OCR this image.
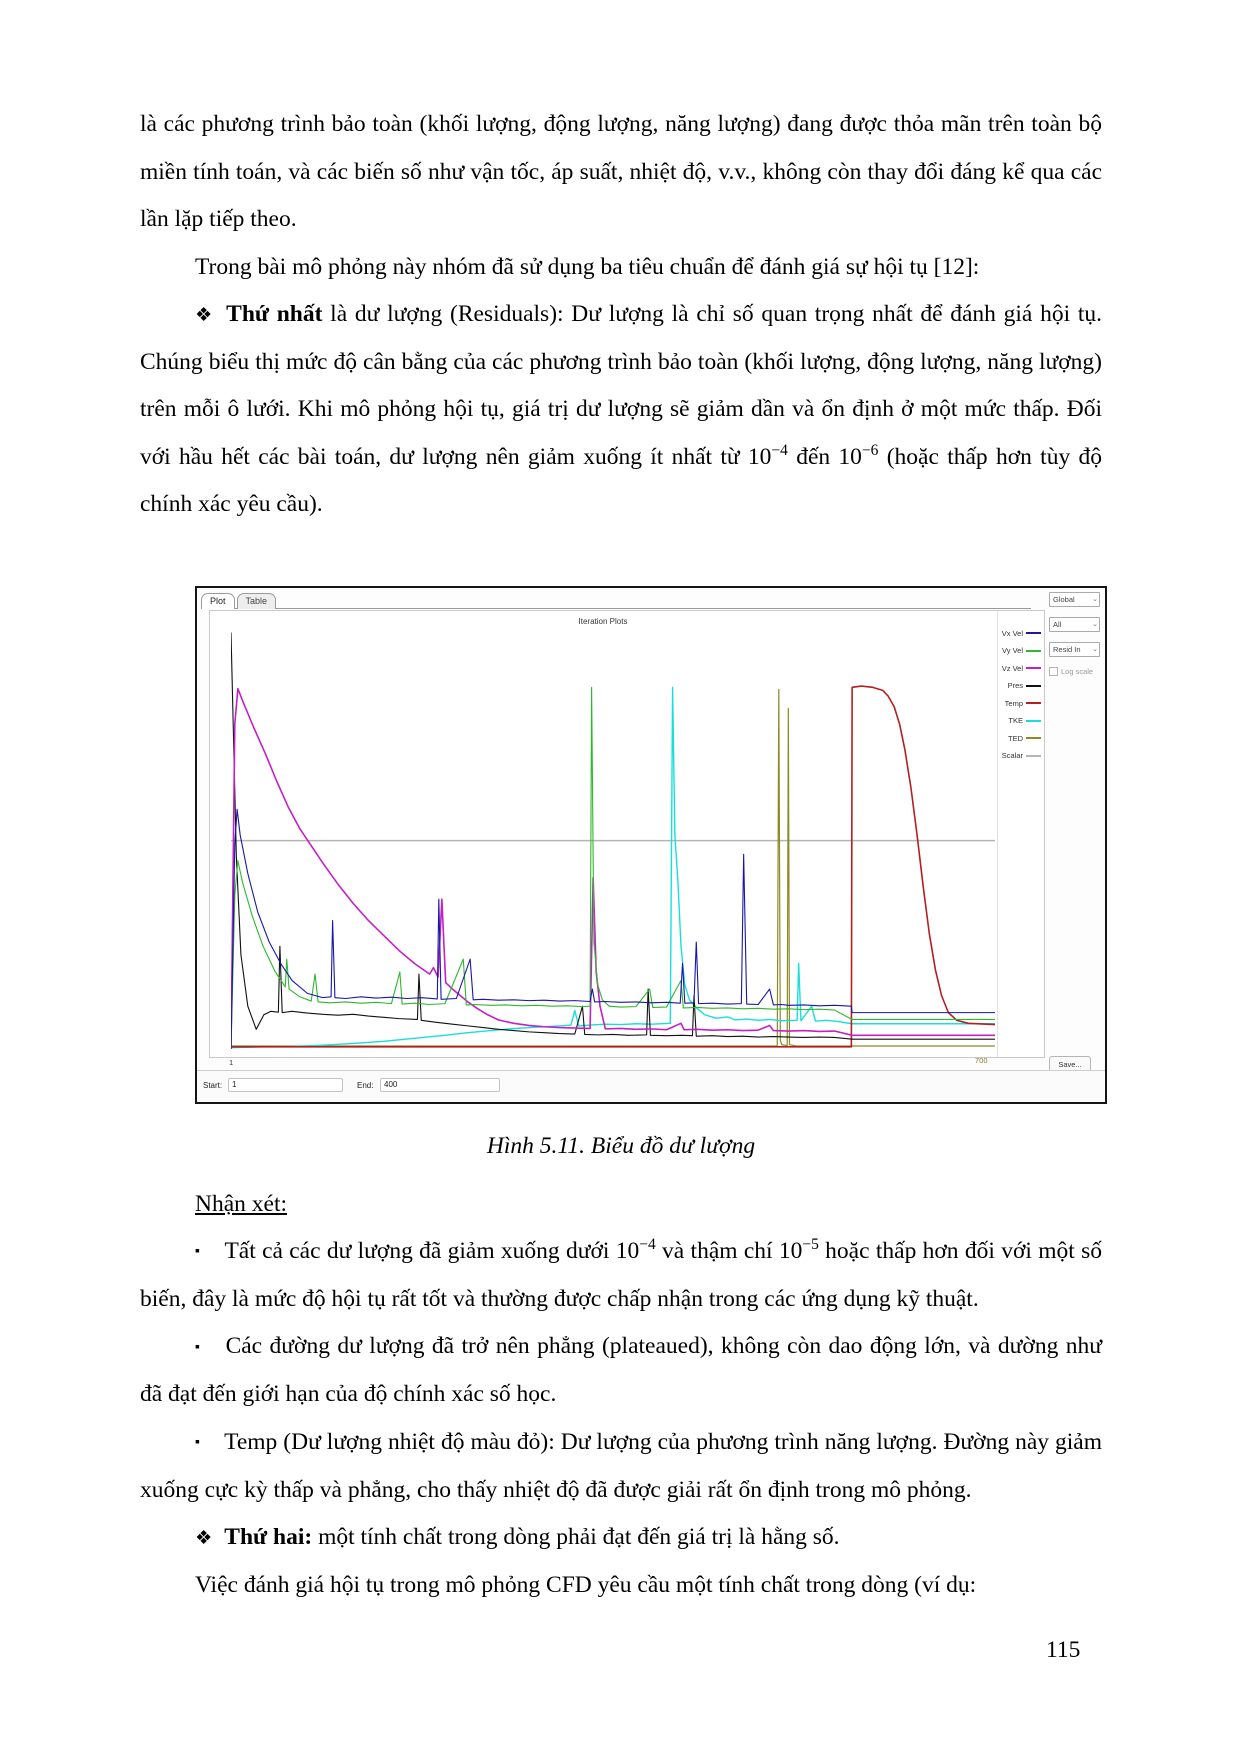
là các phương trình bảo toàn (khối lượng, động lượng, năng lượng) đang được thỏa mãn trên toàn bộ miền tính toán, và các biến số như vận tốc, áp suất, nhiệt độ, v.v., không còn thay đổi đáng kể qua các lần lặp tiếp theo.

Trong bài mô phỏng này nhóm đã sử dụng ba tiêu chuẩn để đánh giá sự hội tụ [12]:

❖ Thứ nhất là dư lượng (Residuals): Dư lượng là chỉ số quan trọng nhất để đánh giá hội tụ. Chúng biểu thị mức độ cân bằng của các phương trình bảo toàn (khối lượng, động lượng, năng lượng) trên mỗi ô lưới. Khi mô phỏng hội tụ, giá trị dư lượng sẽ giảm dần và ổn định ở một mức thấp. Đối với hầu hết các bài toán, dư lượng nên giảm xuống ít nhất từ $10^{-4}$ đến $10^{-6}$ (hoặc thấp hơn tùy độ chính xác yêu cầu).

Plot Table
Iteration Plots
Vx Vel
Vy Vel
Vz Vel
Pres
Temp
TKE
TED
Scalar
1	700
Global ⌄
All	⌄
Resid In ⌄
Log scale
Save...
Start:
1	End:
400

Hình 5.11. Biểu đồ dư lượng

Nhận xét:

▪ Tất cả các dư lượng đã giảm xuống dưới $10^{-4}$ và thậm chí $10^{-5}$ hoặc thấp hơn đối với một số biến, đây là mức độ hội tụ rất tốt và thường được chấp nhận trong các ứng dụng kỹ thuật.

▪ Các đường dư lượng đã trở nên phẳng (plateaued), không còn dao động lớn, và dường như đã đạt đến giới hạn của độ chính xác số học.

▪ Temp (Dư lượng nhiệt độ màu đỏ): Dư lượng của phương trình năng lượng. Đường này giảm xuống cực kỳ thấp và phẳng, cho thấy nhiệt độ đã được giải rất ổn định trong mô phỏng.

❖ Thứ hai: một tính chất trong dòng phải đạt đến giá trị là hằng số.

Việc đánh giá hội tụ trong mô phỏng CFD yêu cầu một tính chất trong dòng (ví dụ:

115
